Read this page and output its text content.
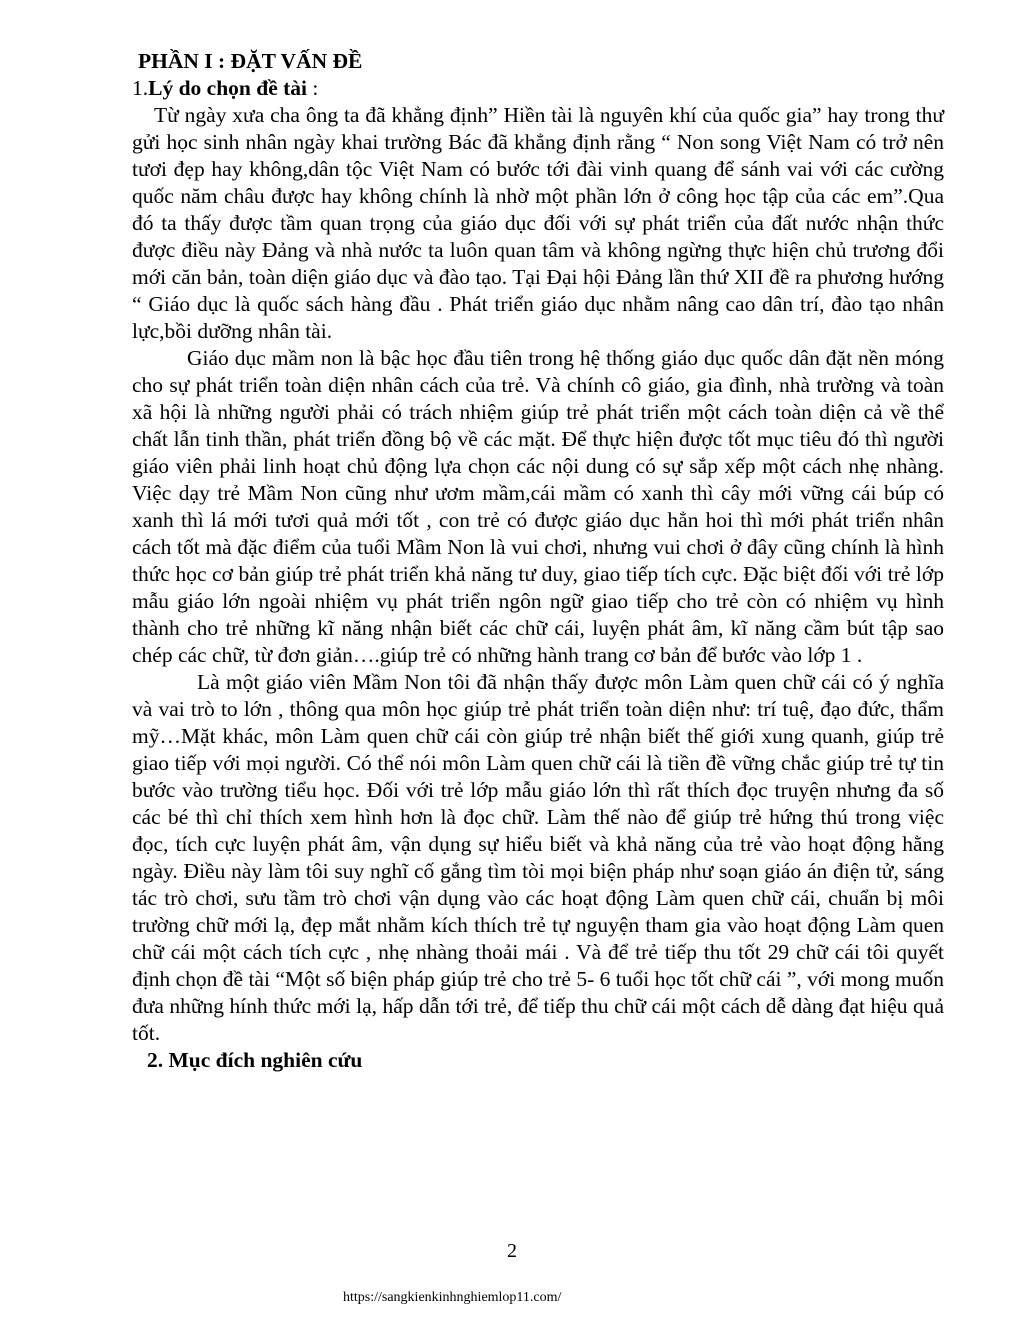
PHẦN I : ĐẶT VẤN ĐỀ
1.Lý do chọn đề tài :

Từ ngày xưa cha ông ta đã khẳng định” Hiền tài là nguyên khí của quốc gia” hay trong thư gửi học sinh nhân ngày khai trường Bác đã khẳng định rằng “ Non song Việt Nam có trở nên tươi đẹp hay không,dân tộc Việt Nam có bước tới đài vinh quang để sánh vai với các cường quốc năm châu được hay không chính là nhờ một phần lớn ở công học tập của các em”.Qua đó ta thấy được tầm quan trọng của giáo dục đối với sự phát triển của đất nước nhận thức được điều này Đảng và nhà nước ta luôn quan tâm và không ngừng thực hiện chủ trương đổi mới căn bản, toàn diện giáo dục và đào tạo. Tại Đại hội Đảng lần thứ XII đề ra phương hướng “ Giáo dục là quốc sách hàng đầu . Phát triển giáo dục nhằm nâng cao dân trí, đào tạo nhân lực,bồi dưỡng nhân tài.

Giáo dục mầm non là bậc học đầu tiên trong hệ thống giáo dục quốc dân đặt nền móng cho sự phát triển toàn diện nhân cách của trẻ. Và chính cô giáo, gia đình, nhà trường và toàn xã hội là những người phải có trách nhiệm giúp trẻ phát triển một cách toàn diện cả về thể chất lẫn tinh thần, phát triển đồng bộ về các mặt. Để thực hiện được tốt mục tiêu đó thì người giáo viên phải linh hoạt chủ động lựa chọn các nội dung có sự sắp xếp một cách nhẹ nhàng. Việc dạy trẻ Mầm Non cũng như ươm mầm,cái mầm có xanh thì cây mới vững cái búp có xanh thì lá mới tươi quả mới tốt , con trẻ có được giáo dục hẳn hoi thì mới phát triển nhân cách tốt mà đặc điểm của tuổi Mầm Non là vui chơi, nhưng vui chơi ở đây cũng chính là hình thức học cơ bản giúp trẻ phát triển khả năng tư duy, giao tiếp tích cực. Đặc biệt đối với trẻ lớp mẫu giáo lớn ngoài nhiệm vụ phát triển ngôn ngữ giao tiếp cho trẻ còn có nhiệm vụ hình thành cho trẻ những kĩ năng nhận biết các chữ cái, luyện phát âm, kĩ năng cầm bút tập sao chép các chữ, từ đơn giản….giúp trẻ có những hành trang cơ bản để bước vào lớp 1 .

Là một giáo viên Mầm Non tôi đã nhận thấy được môn Làm quen chữ cái có ý nghĩa và vai trò to lớn , thông qua môn học giúp trẻ phát triển toàn diện như: trí tuệ, đạo đức, thẩm mỹ…Mặt khác, môn Làm quen chữ cái còn giúp trẻ nhận biết thế giới xung quanh, giúp trẻ giao tiếp với mọi người. Có thể nói môn Làm quen chữ cái là tiền đề vững chắc giúp trẻ tự tin bước vào trường tiểu học. Đối với trẻ lớp mẫu giáo lớn thì rất thích đọc truyện nhưng đa số các bé thì chỉ thích xem hình hơn là đọc chữ. Làm thế nào để giúp trẻ hứng thú trong việc đọc, tích cực luyện phát âm, vận dụng sự hiểu biết và khả năng của trẻ vào hoạt động hằng ngày. Điều này làm tôi suy nghĩ cố gắng tìm tòi mọi biện pháp như soạn giáo án điện tử, sáng tác trò chơi, sưu tầm trò chơi vận dụng vào các hoạt động Làm quen chữ cái, chuẩn bị môi trường chữ mới lạ, đẹp mắt nhằm kích thích trẻ tự nguyện tham gia vào hoạt động Làm quen chữ cái một cách tích cực , nhẹ nhàng thoải mái . Và để trẻ tiếp thu tốt 29 chữ cái tôi quyết định chọn đề tài “Một số biện pháp giúp trẻ cho trẻ 5- 6 tuổi học tốt chữ cái ”, với mong muốn đưa những hính thức mới lạ, hấp dẫn tới trẻ, để tiếp thu chữ cái một cách dễ dàng đạt hiệu quả tốt.

2. Mục đích nghiên cứu
2
https://sangkienkinhnghiemlop11.com/
